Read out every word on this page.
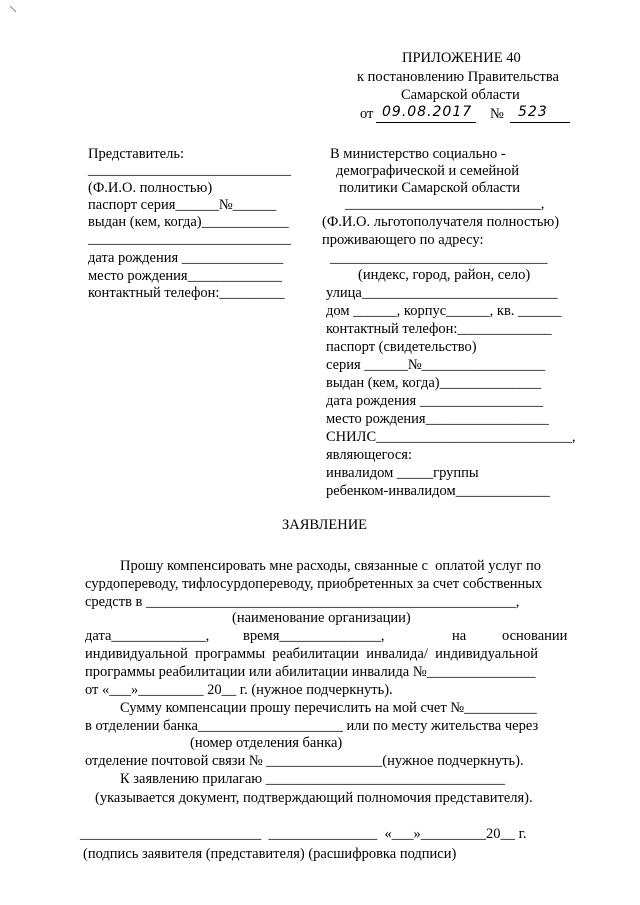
ПРИЛОЖЕНИЕ 40
к постановлению Правительства
Самарской области
от 09.08.2017 № 523
Представитель:
____________________________
(Ф.И.О. полностью)
паспорт серия______№______
выдан (кем, когда)____________
____________________________
дата рождения ______________
место рождения_____________
контактный телефон:_________
В министерство социально -
демографической и семейной
политики Самарской области
___________________________,
(Ф.И.О. льготополучателя полностью)
проживающего по адресу:
______________________________
(индекс, город, район, село)
улица___________________________
дом ______, корпус______, кв. ______
контактный телефон:_____________
паспорт (свидетельство)
серия ______№_________________
выдан (кем, когда)______________
дата рождения _________________
место рождения_________________
СНИЛС___________________________,
являющегося:
инвалидом _____группы
ребенком-инвалидом_____________
ЗАЯВЛЕНИЕ
Прошу компенсировать мне расходы, связанные с  оплатой услуг по
сурдопереводу, тифлосурдопереводу, приобретенных за счет собственных
средств в ___________________________________________________,
(наименование организации)
дата_____________, время______________,	на основании
индивидуальной  программы  реабилитации  инвалида/  индивидуальной
программы реабилитации или абилитации инвалида №_______________
от «___»_________ 20__ г. (нужное подчеркнуть).
Сумму компенсации прошу перечислить на мой счет №__________
в отделении банка____________________ или по месту жительства через
(номер отделения банка)
отделение почтовой связи № ________________(нужное подчеркнуть).
К заявлению прилагаю _________________________________
(указывается документ, подтверждающий полномочия представителя).
_________________________  _______________  «___»_________20__ г.
(подпись заявителя (представителя) (расшифровка подписи)
